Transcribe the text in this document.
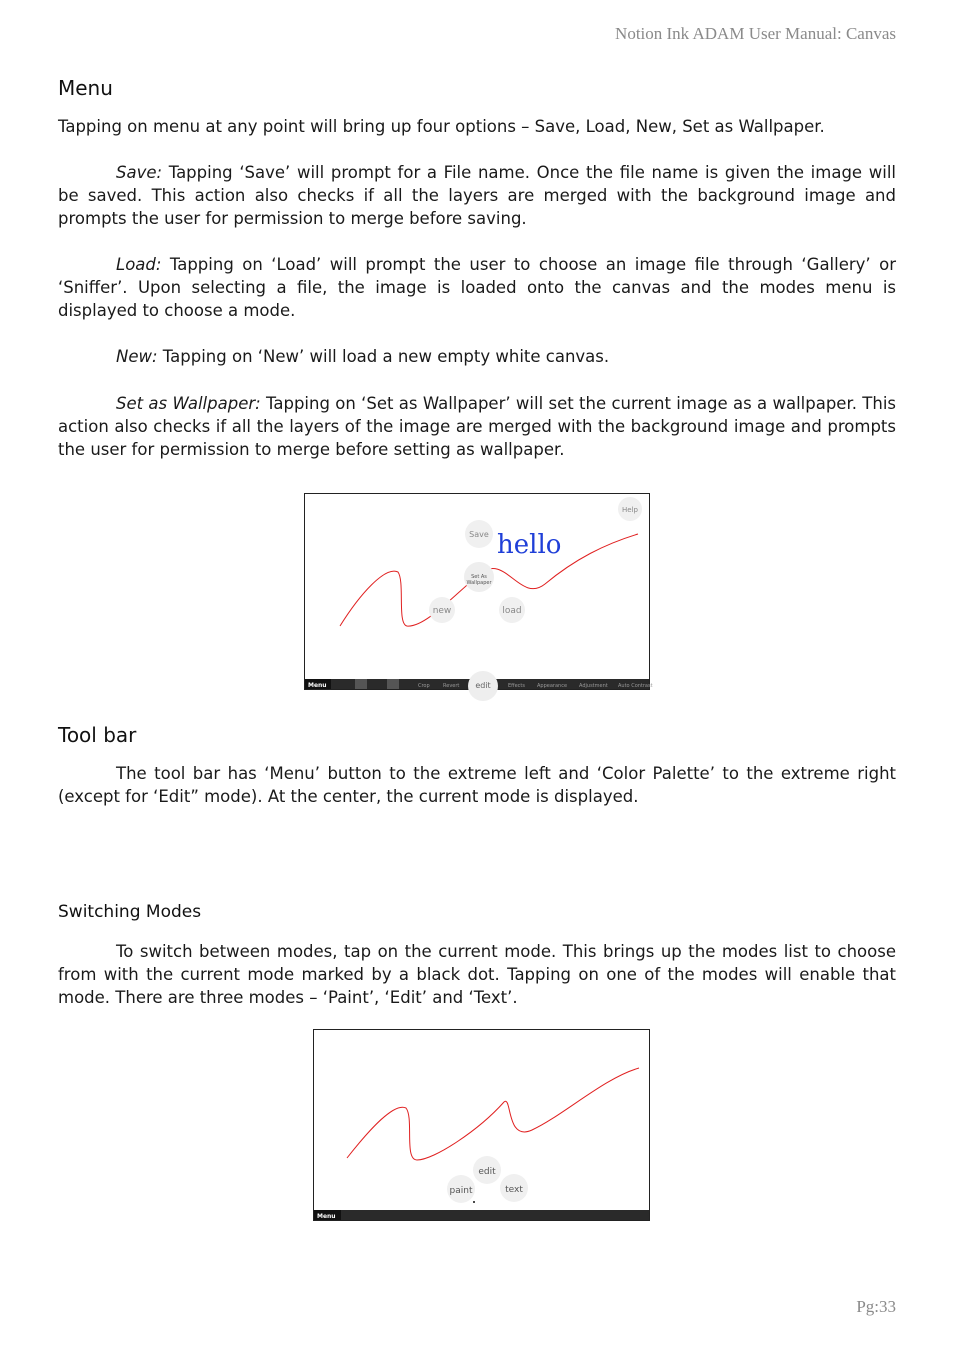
Notion Ink ADAM User Manual: Canvas
Menu

Tapping on menu at any point will bring up four options – Save, Load, New, Set as Wallpaper.

Save: Tapping ‘Save’ will prompt for a File name. Once the file name is given the image will be saved. This action also checks if all the layers are merged with the background image and prompts the user for permission to merge before saving.

Load: Tapping on ‘Load’ will prompt the user to choose an image file through ‘Gallery’ or ‘Sniffer’. Upon selecting a file, the image is loaded onto the canvas and the modes menu is displayed to choose a mode.

New: Tapping on ‘New’ will load a new empty white canvas.

Set as Wallpaper: Tapping on ‘Set as Wallpaper’ will set the current image as a wallpaper. This action also checks if all the layers of the image are merged with the background image and prompts the user for permission to merge before setting as wallpaper.

Help
Save hello
Set As
Wallpaper
new	load
Menu	edit
Crop	Revert	Effects Appearance Adjustment Auto Contrast
Tool bar

The tool bar has ‘Menu’ button to the extreme left and ‘Color Palette’ to the extreme right (except for ‘Edit” mode). At the center, the current mode is displayed.

Switching Modes

To switch between modes, tap on the current mode. This brings up the modes list to choose from with the current mode marked by a black dot. Tapping on one of the modes will enable that mode. There are three modes – ‘Paint’, ‘Edit’ and ‘Text’.

edit
paint	text
Menu
Pg:33
